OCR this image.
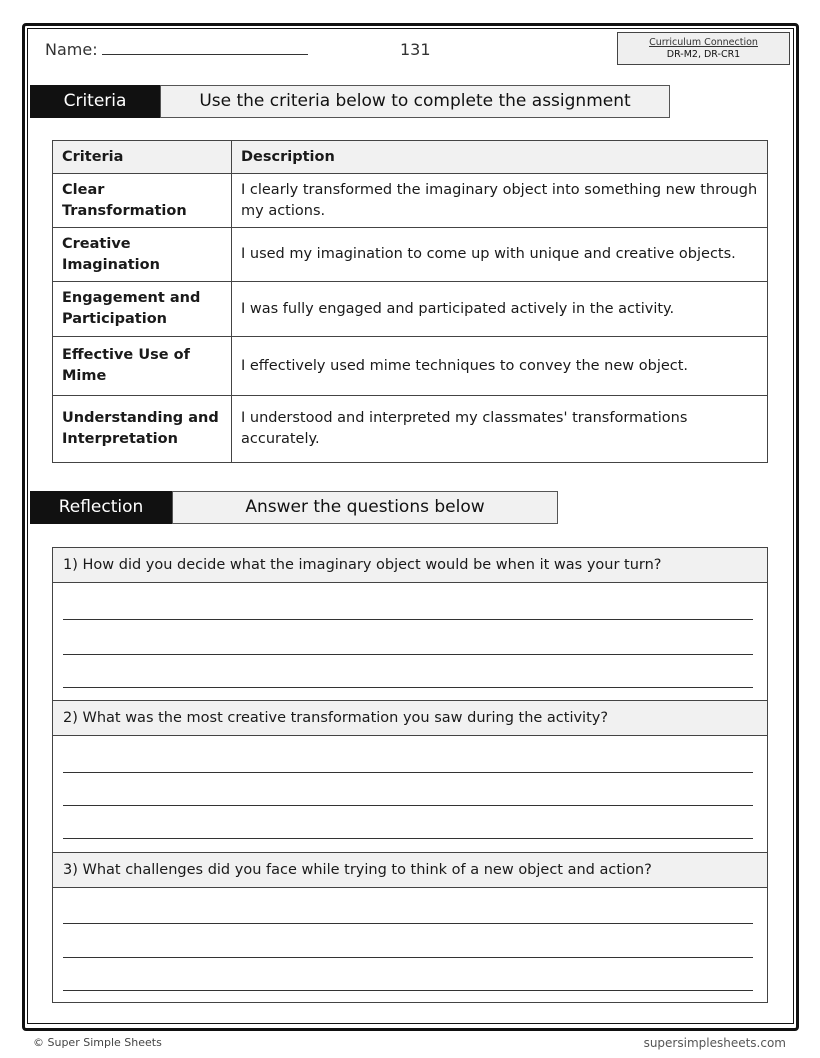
Name:	131	Curriculum Connection
DR-M2, DR-CR1
Criteria	Use the criteria below to complete the assignment
Criteria	Description
Clear Transformation	I clearly transformed the imaginary object into something new through my actions.
Creative Imagination	I used my imagination to come up with unique and creative objects.
Engagement and Participation	I was fully engaged and participated actively in the activity.
Effective Use of Mime	I effectively used mime techniques to convey the new object.
Understanding and Interpretation	I understood and interpreted my classmates' transformations accurately.
Reflection	Answer the questions below
1) How did you decide what the imaginary object would be when it was your turn?
2) What was the most creative transformation you saw during the activity?
3) What challenges did you face while trying to think of a new object and action?
© Super Simple Sheets	supersimplesheets.com
